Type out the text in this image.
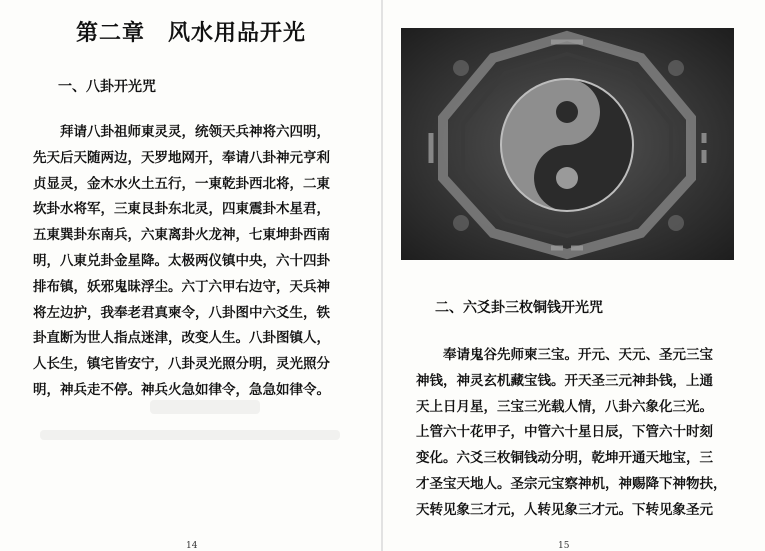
第二章　风水用品开光
一、八卦开光咒
拜请八卦祖师東灵灵，统领天兵神将六四明，
先天后天随两边，天罗地网开，奉请八卦神元亨利
贞显灵，金木水火土五行，一東乾卦西北将，二東
坎卦水将军，三東艮卦东北灵，四東震卦木星君，
五東巽卦东南兵，六東离卦火龙神，七東坤卦西南
明，八東兑卦金星降。太极两仪镇中央，六十四卦
排布镇，妖邪鬼昧浮尘。六丁六甲右边守，天兵神
将左边护，我奉老君真柬令，八卦图中六爻生，铁
卦直断为世人指点迷津，改变人生。八卦图镇人，
人长生，镇宅皆安宁，八卦灵光照分明，灵光照分
明，神兵走不停。神兵火急如律令，急急如律令。
14
二、六爻卦三枚铜钱开光咒
奉请鬼谷先师柬三宝。开元、天元、圣元三宝
神钱，神灵玄机藏宝钱。开天圣三元神卦钱，上通
天上日月星，三宝三光载人情，八卦六象化三光。
上管六十花甲子，中管六十星日辰，下管六十时刻
变化。六爻三枚铜钱动分明，乾坤开通天地宝，三
才圣宝天地人。圣宗元宝察神机，神赐降下神物扶，
天转见象三才元，人转见象三才元。下转见象圣元
15
